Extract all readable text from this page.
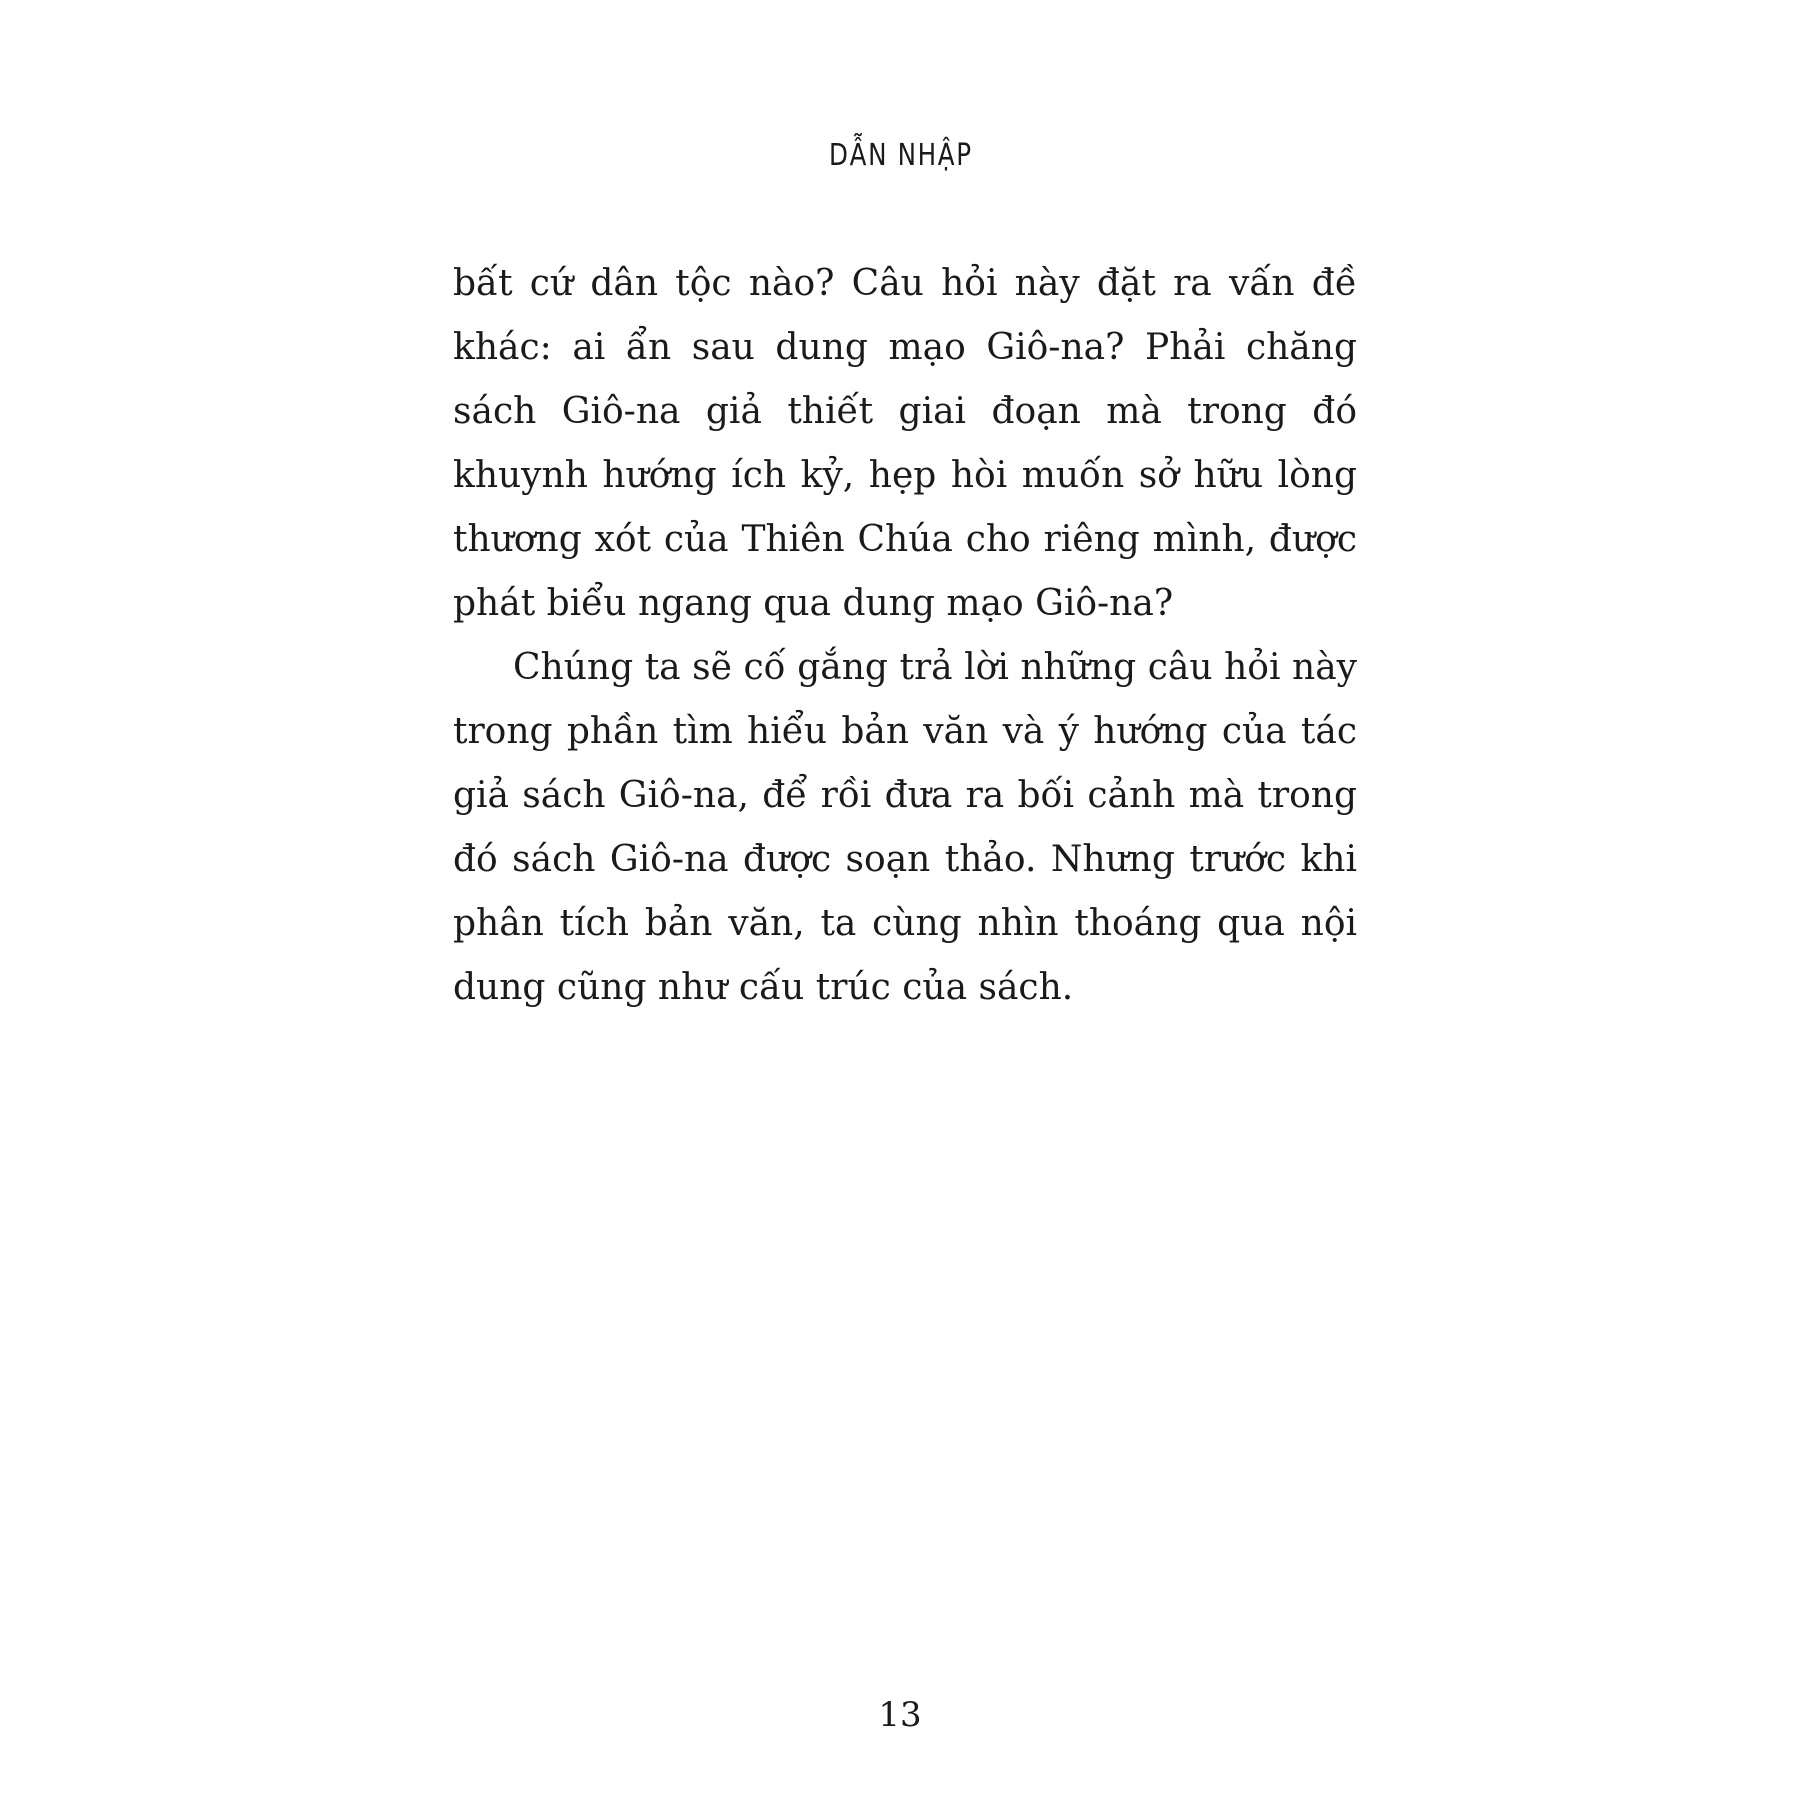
DẪN NHẬP

bất cứ dân tộc nào? Câu hỏi này đặt ra vấn đề khác: ai ẩn sau dung mạo Giô-na? Phải chăng sách Giô-na giả thiết giai đoạn mà trong đó khuynh hướng ích kỷ, hẹp hòi muốn sở hữu lòng thương xót của Thiên Chúa cho riêng mình, được phát biểu ngang qua dung mạo Giô-na?

Chúng ta sẽ cố gắng trả lời những câu hỏi này trong phần tìm hiểu bản văn và ý hướng của tác giả sách Giô-na, để rồi đưa ra bối cảnh mà trong đó sách Giô-na được soạn thảo. Nhưng trước khi phân tích bản văn, ta cùng nhìn thoáng qua nội dung cũng như cấu trúc của sách.

13
